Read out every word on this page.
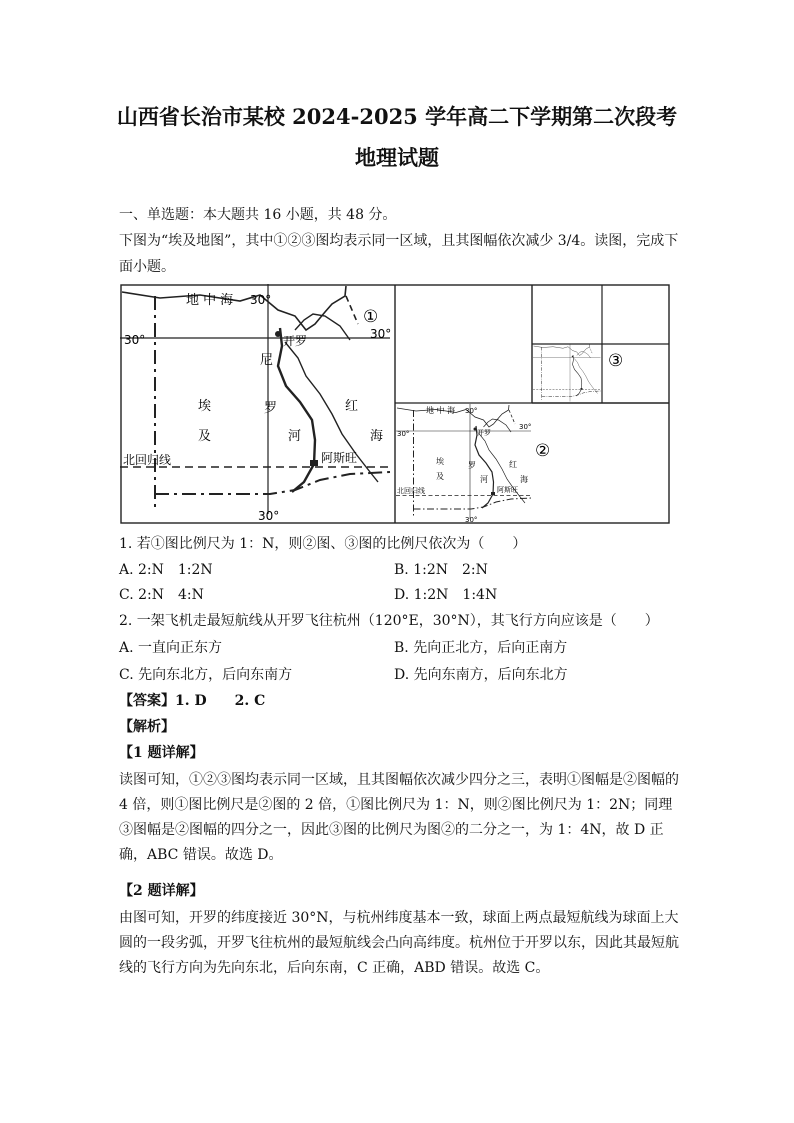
山西省长治市某校 2024-2025 学年高二下学期第二次段考
地理试题
一、单选题：本大题共 16 小题，共 48 分。
下图为“埃及地图”，其中①②③图均表示同一区域，且其图幅依次减少 3/4。读图，完成下
面小题。
地 中 海 30°
30°	30°
开罗
尼
罗
河
埃
及
红
海
北回归线	阿斯旺
30°
①
地 中 海 30°
30°
30°
开罗
埃
及
罗
河
红
海
北回归线	阿斯旺
30°
②
③
1. 若①图比例尺为 1：N，则②图、③图的比例尺依次为（　　）
A. 2:N　1:2N	B. 1:2N　2:N
C. 2:N　4:N	D. 1:2N　1:4N
2. 一架飞机走最短航线从开罗飞往杭州（120°E，30°N），其飞行方向应该是（　　）
A. 一直向正东方	B. 先向正北方，后向正南方
C. 先向东北方，后向东南方	D. 先向东南方，后向东北方
【答案】1. D　　2. C
【解析】
【1 题详解】

读图可知，①②③图均表示同一区域，且其图幅依次减少四分之三，表明①图幅是②图幅的 4 倍，则①图比例尺是②图的 2 倍，①图比例尺为 1：N，则②图比例尺为 1：2N；同理③图幅是②图幅的四分之一，因此③图的比例尺为图②的二分之一，为 1：4N，故 D 正确，ABC 错误。故选 D。

【2 题详解】

由图可知，开罗的纬度接近 30°N，与杭州纬度基本一致，球面上两点最短航线为球面上大圆的一段劣弧，开罗飞往杭州的最短航线会凸向高纬度。杭州位于开罗以东，因此其最短航线的飞行方向为先向东北，后向东南，C 正确，ABD 错误。故选 C。
